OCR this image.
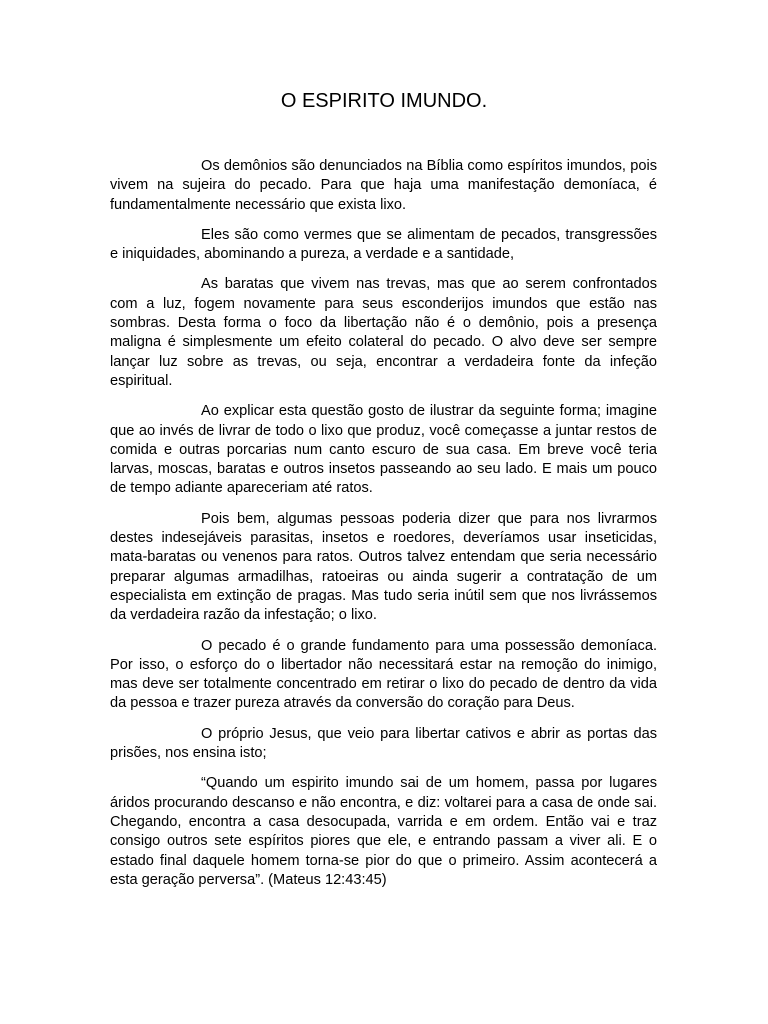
O ESPIRITO IMUNDO.

Os demônios são denunciados na Bíblia como espíritos imundos, pois vivem na sujeira do pecado. Para que haja uma manifestação demoníaca, é fundamentalmente necessário que exista lixo.

Eles são como vermes que se alimentam de pecados, transgressões e iniquidades, abominando a pureza, a verdade e a santidade,

As baratas que vivem nas trevas, mas que ao serem confrontados com a luz, fogem novamente para seus esconderijos imundos que estão nas sombras. Desta forma o foco da libertação não é o demônio, pois a presença maligna é simplesmente um efeito colateral do pecado. O alvo deve ser sempre lançar luz sobre as trevas, ou seja, encontrar a verdadeira fonte da infeção espiritual.

Ao explicar esta questão gosto de ilustrar da seguinte forma; imagine que ao invés de livrar de todo o lixo que produz, você começasse a juntar restos de comida e outras porcarias num canto escuro de sua casa. Em breve você teria larvas, moscas, baratas e outros insetos passeando ao seu lado. E mais um pouco de tempo adiante apareceriam até ratos.

Pois bem, algumas pessoas poderia dizer que para nos livrarmos destes indesejáveis parasitas, insetos e roedores, deveríamos usar inseticidas, mata-baratas ou venenos para ratos. Outros talvez entendam que seria necessário preparar algumas armadilhas, ratoeiras ou ainda sugerir a contratação de um especialista em extinção de pragas. Mas tudo seria inútil sem que nos livrássemos da verdadeira razão da infestação; o lixo.

O pecado é o grande fundamento para uma possessão demoníaca. Por isso, o esforço do o libertador não necessitará estar na remoção do inimigo, mas deve ser totalmente concentrado em retirar o lixo do pecado de dentro da vida da pessoa e trazer pureza através da conversão do coração para Deus.

O próprio Jesus, que veio para libertar cativos e abrir as portas das prisões, nos ensina isto;

“Quando um espirito imundo sai de um homem, passa por lugares áridos procurando descanso e não encontra, e diz: voltarei para a casa de onde sai. Chegando, encontra a casa desocupada, varrida e em ordem. Então vai e traz consigo outros sete espíritos piores que ele, e entrando passam a viver ali. E o estado final daquele homem torna-se pior do que o primeiro. Assim acontecerá a esta geração perversa”. (Mateus 12:43:45)
